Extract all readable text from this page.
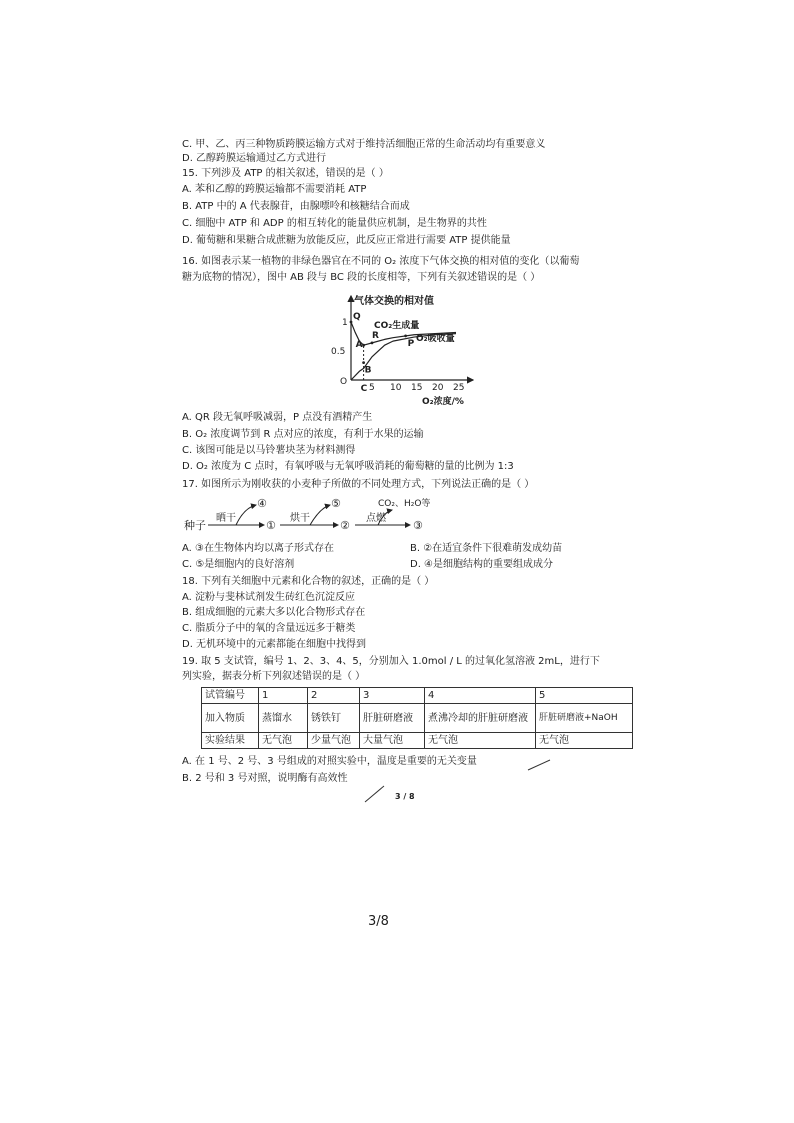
C. 甲、乙、丙三种物质跨膜运输方式对于维持活细胞正常的生命活动均有重要意义
D. 乙醇跨膜运输通过乙方式进行
15. 下列涉及 ATP 的相关叙述，错误的是（ ）
A. 苯和乙醇的跨膜运输都不需要消耗 ATP
B. ATP 中的 A 代表腺苷，由腺嘌呤和核糖结合而成
C. 细胞中 ATP 和 ADP 的相互转化的能量供应机制，是生物界的共性
D. 葡萄糖和果糖合成蔗糖为放能反应，此反应正常进行需要 ATP 提供能量
16. 如图表示某一植物的非绿色器官在不同的 O₂ 浓度下气体交换的相对值的变化（以葡萄
糖为底物的情况），图中 AB 段与 BC 段的长度相等，下列有关叙述错误的是（ ）
气体交换的相对值
O₂浓度/%
O
5 10 15 20 25
0.5
1
Q
R
A
B
C
P
CO₂生成量
O₂吸收量
A. QR 段无氧呼吸减弱，P 点没有酒精产生
B. O₂ 浓度调节到 R 点对应的浓度，有利于水果的运输
C. 该图可能是以马铃薯块茎为材料测得
D. O₂ 浓度为 C 点时，有氧呼吸与无氧呼吸消耗的葡萄糖的量的比例为 1:3
17. 如图所示为刚收获的小麦种子所做的不同处理方式，下列说法正确的是（ ）
种子
晒干
④
①
烘干
⑤
②
CO₂、H₂O等
点燃
③
A. ③在生物体内均以离子形式存在	B. ②在适宜条件下很难萌发成幼苗
C. ⑤是细胞内的良好溶剂	D. ④是细胞结构的重要组成成分
18. 下列有关细胞中元素和化合物的叙述，正确的是（ ）
A. 淀粉与斐林试剂发生砖红色沉淀反应
B. 组成细胞的元素大多以化合物形式存在
C. 脂质分子中的氧的含量远远多于糖类
D. 无机环境中的元素都能在细胞中找得到
19. 取 5 支试管，编号 1、2、3、4、5，分别加入 1.0mol / L 的过氧化氢溶液 2mL，进行下
列实验，据表分析下列叙述错误的是（ ）
试管编号	1	2	3	4	5
加入物质	蒸馏水	锈铁钉	肝脏研磨液	煮沸冷却的肝脏研磨液	肝脏研磨液+NaOH
实验结果	无气泡	少量气泡	大量气泡	无气泡	无气泡
A. 在 1 号、2 号、3 号组成的对照实验中，温度是重要的无关变量
B. 2 号和 3 号对照，说明酶有高效性
3 / 8
3/8
